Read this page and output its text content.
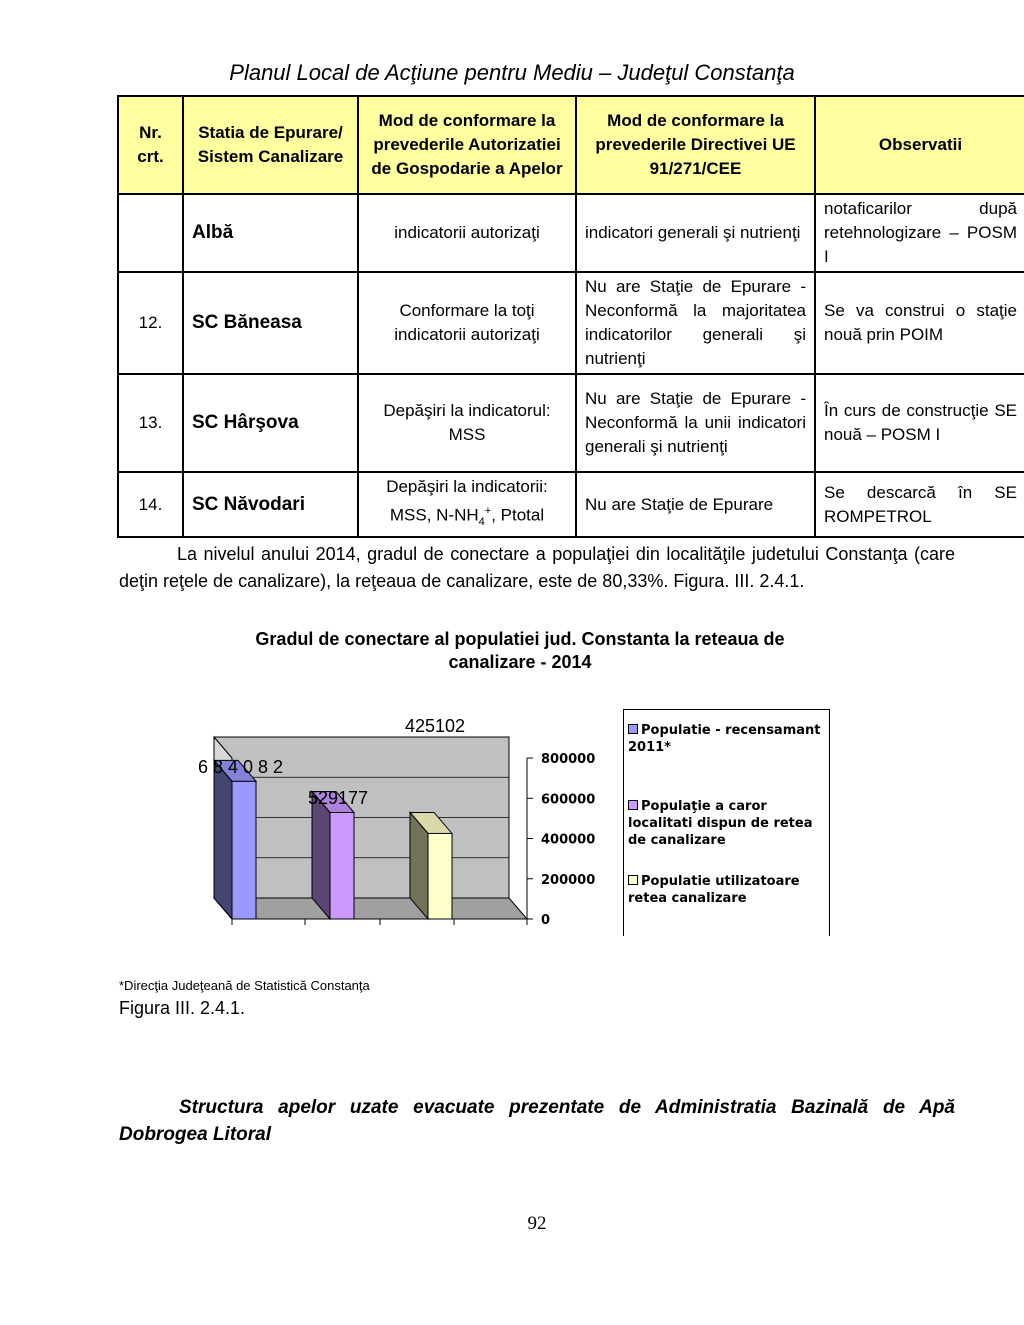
Planul Local de Acţiune pentru Mediu – Judeţul Constanţa
Nr. crt.	Statia de Epurare/ Sistem Canalizare	Mod de conformare la prevederile Autorizatiei de Gospodarie a Apelor	Mod de conformare la prevederile Directivei UE 91/271/CEE	Observatii
	Albă	indicatorii autorizaţi	indicatori generali şi nutrienţi	notaficarilor după retehnologizare – POSM I
12.	SC Băneasa	Conformare la toţi indicatorii autorizaţi	Nu are Staţie de Epurare - Neconformă la majoritatea indicatorilor generali şi nutrienţi	Se va construi o staţie nouă prin POIM
13.	SC Hârşova	Depăşiri la indicatorul: MSS	Nu are Staţie de Epurare - Neconformă la unii indicatori generali şi nutrienţi	În curs de construcţie SE nouă – POSM I
14.	SC Năvodari	Depăşiri la indicatorii: MSS, $N-NH_4^+$, Ptotal	Nu are Staţie de Epurare	Se descarcă în SE ROMPETROL
La nivelul anului 2014, gradul de conectare a populaţiei din localităţile judetului Constanţa (care deţin reţele de canalizare), la reţeaua de canalizare, este de 80,33%. Figura. III. 2.4.1.
Gradul de conectare al populatiei jud. Constanta la reteaua de canalizare - 2014
0
200000
400000
600000
800000
6 8 4 0 8 2
529177
425102	Populatie - recensamant 2011*
Populaţie a caror localitati dispun de retea de canalizare
Populatie utilizatoare retea canalizare
*Direcţia Judeţeană de Statistică Constanţa
Figura III. 2.4.1.
Structura apelor uzate evacuate prezentate de Administratia Bazinală de Apă Dobrogea Litoral
92
